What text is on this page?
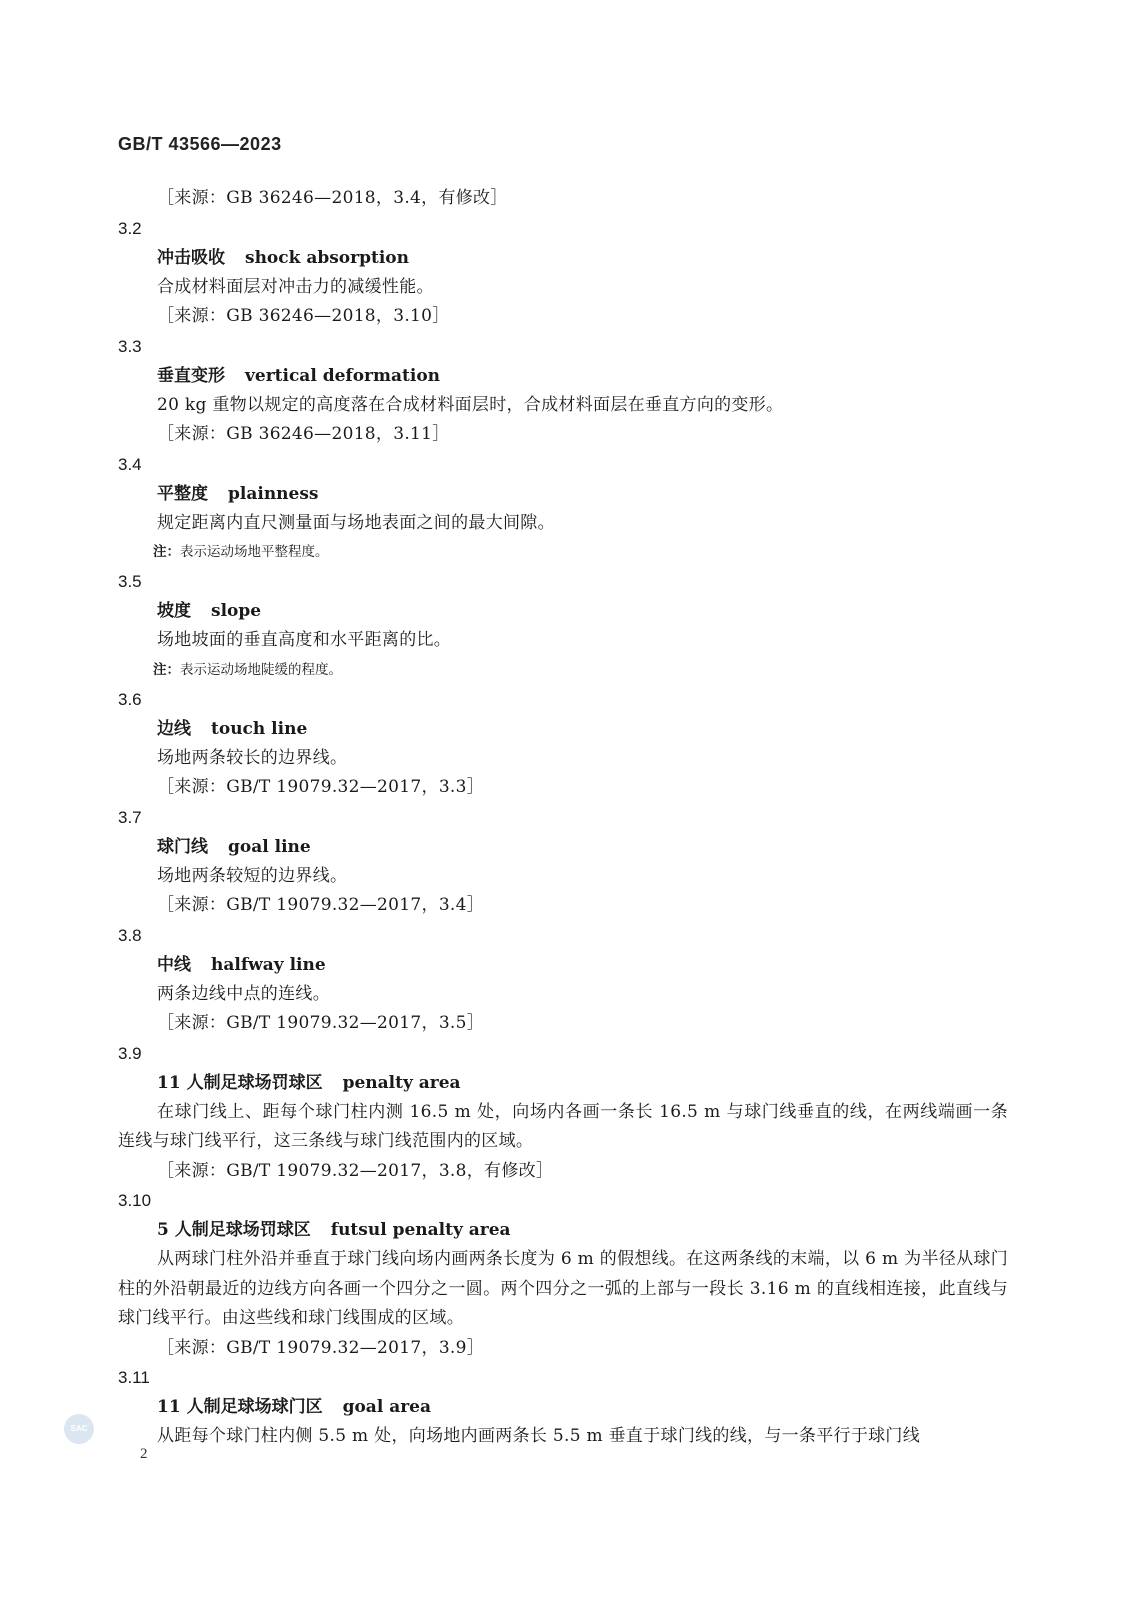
GB/T 43566—2023
［来源：GB 36246—2018，3.4，有修改］
3.2
冲击吸收 shock absorption
合成材料面层对冲击力的减缓性能。
［来源：GB 36246—2018，3.10］
3.3
垂直变形 vertical deformation
20 kg 重物以规定的高度落在合成材料面层时，合成材料面层在垂直方向的变形。
［来源：GB 36246—2018，3.11］
3.4
平整度 plainness
规定距离内直尺测量面与场地表面之间的最大间隙。
注：表示运动场地平整程度。
3.5
坡度 slope
场地坡面的垂直高度和水平距离的比。
注：表示运动场地陡缓的程度。
3.6
边线 touch line
场地两条较长的边界线。
［来源：GB/T 19079.32—2017，3.3］
3.7
球门线 goal line
场地两条较短的边界线。
［来源：GB/T 19079.32—2017，3.4］
3.8
中线 halfway line
两条边线中点的连线。
［来源：GB/T 19079.32—2017，3.5］
3.9
11 人制足球场罚球区 penalty area
在球门线上、距每个球门柱内测 16.5 m 处，向场内各画一条长 16.5 m 与球门线垂直的线，在两线端画一条连线与球门线平行，这三条线与球门线范围内的区域。
［来源：GB/T 19079.32—2017，3.8，有修改］
3.10
5 人制足球场罚球区 futsul penalty area
从两球门柱外沿并垂直于球门线向场内画两条长度为 6 m 的假想线。在这两条线的末端，以 6 m 为半径从球门柱的外沿朝最近的边线方向各画一个四分之一圆。两个四分之一弧的上部与一段长 3.16 m 的直线相连接，此直线与球门线平行。由这些线和球门线围成的区域。
［来源：GB/T 19079.32—2017，3.9］
3.11
11 人制足球场球门区 goal area
从距每个球门柱内侧 5.5 m 处，向场地内画两条长 5.5 m 垂直于球门线的线，与一条平行于球门线
SAC
2
